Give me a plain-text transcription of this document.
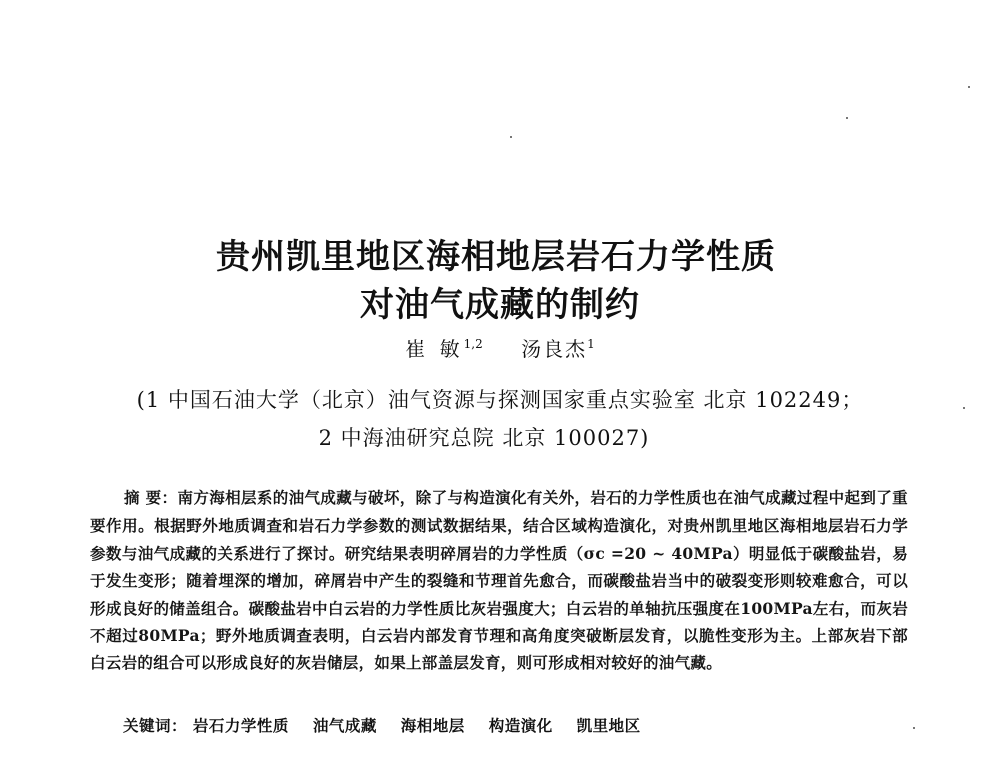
贵州凯里地区海相地层岩石力学性质
对油气成藏的制约
崔 敏$^{1,2}$ 汤良杰$^1$
(1 中国石油大学（北京）油气资源与探测国家重点实验室 北京 102249；
2 中海油研究总院 北京 100027)
摘 要：南方海相层系的油气成藏与破坏，除了与构造演化有关外，岩石的力学性质也在油气成藏过程中起到了重要作用。根据野外地质调查和岩石力学参数的测试数据结果，结合区域构造演化，对贵州凯里地区海相地层岩石力学参数与油气成藏的关系进行了探讨。研究结果表明碎屑岩的力学性质（σc =20 ~ 40MPa）明显低于碳酸盐岩，易于发生变形；随着埋深的增加，碎屑岩中产生的裂缝和节理首先愈合，而碳酸盐岩当中的破裂变形则较难愈合，可以形成良好的储盖组合。碳酸盐岩中白云岩的力学性质比灰岩强度大；白云岩的单轴抗压强度在100MPa左右，而灰岩不超过80MPa；野外地质调查表明，白云岩内部发育节理和高角度突破断层发育，以脆性变形为主。上部灰岩下部白云岩的组合可以形成良好的灰岩储层，如果上部盖层发育，则可形成相对较好的油气藏。
关键词： 岩石力学性质 油气成藏 海相地层 构造演化 凯里地区
